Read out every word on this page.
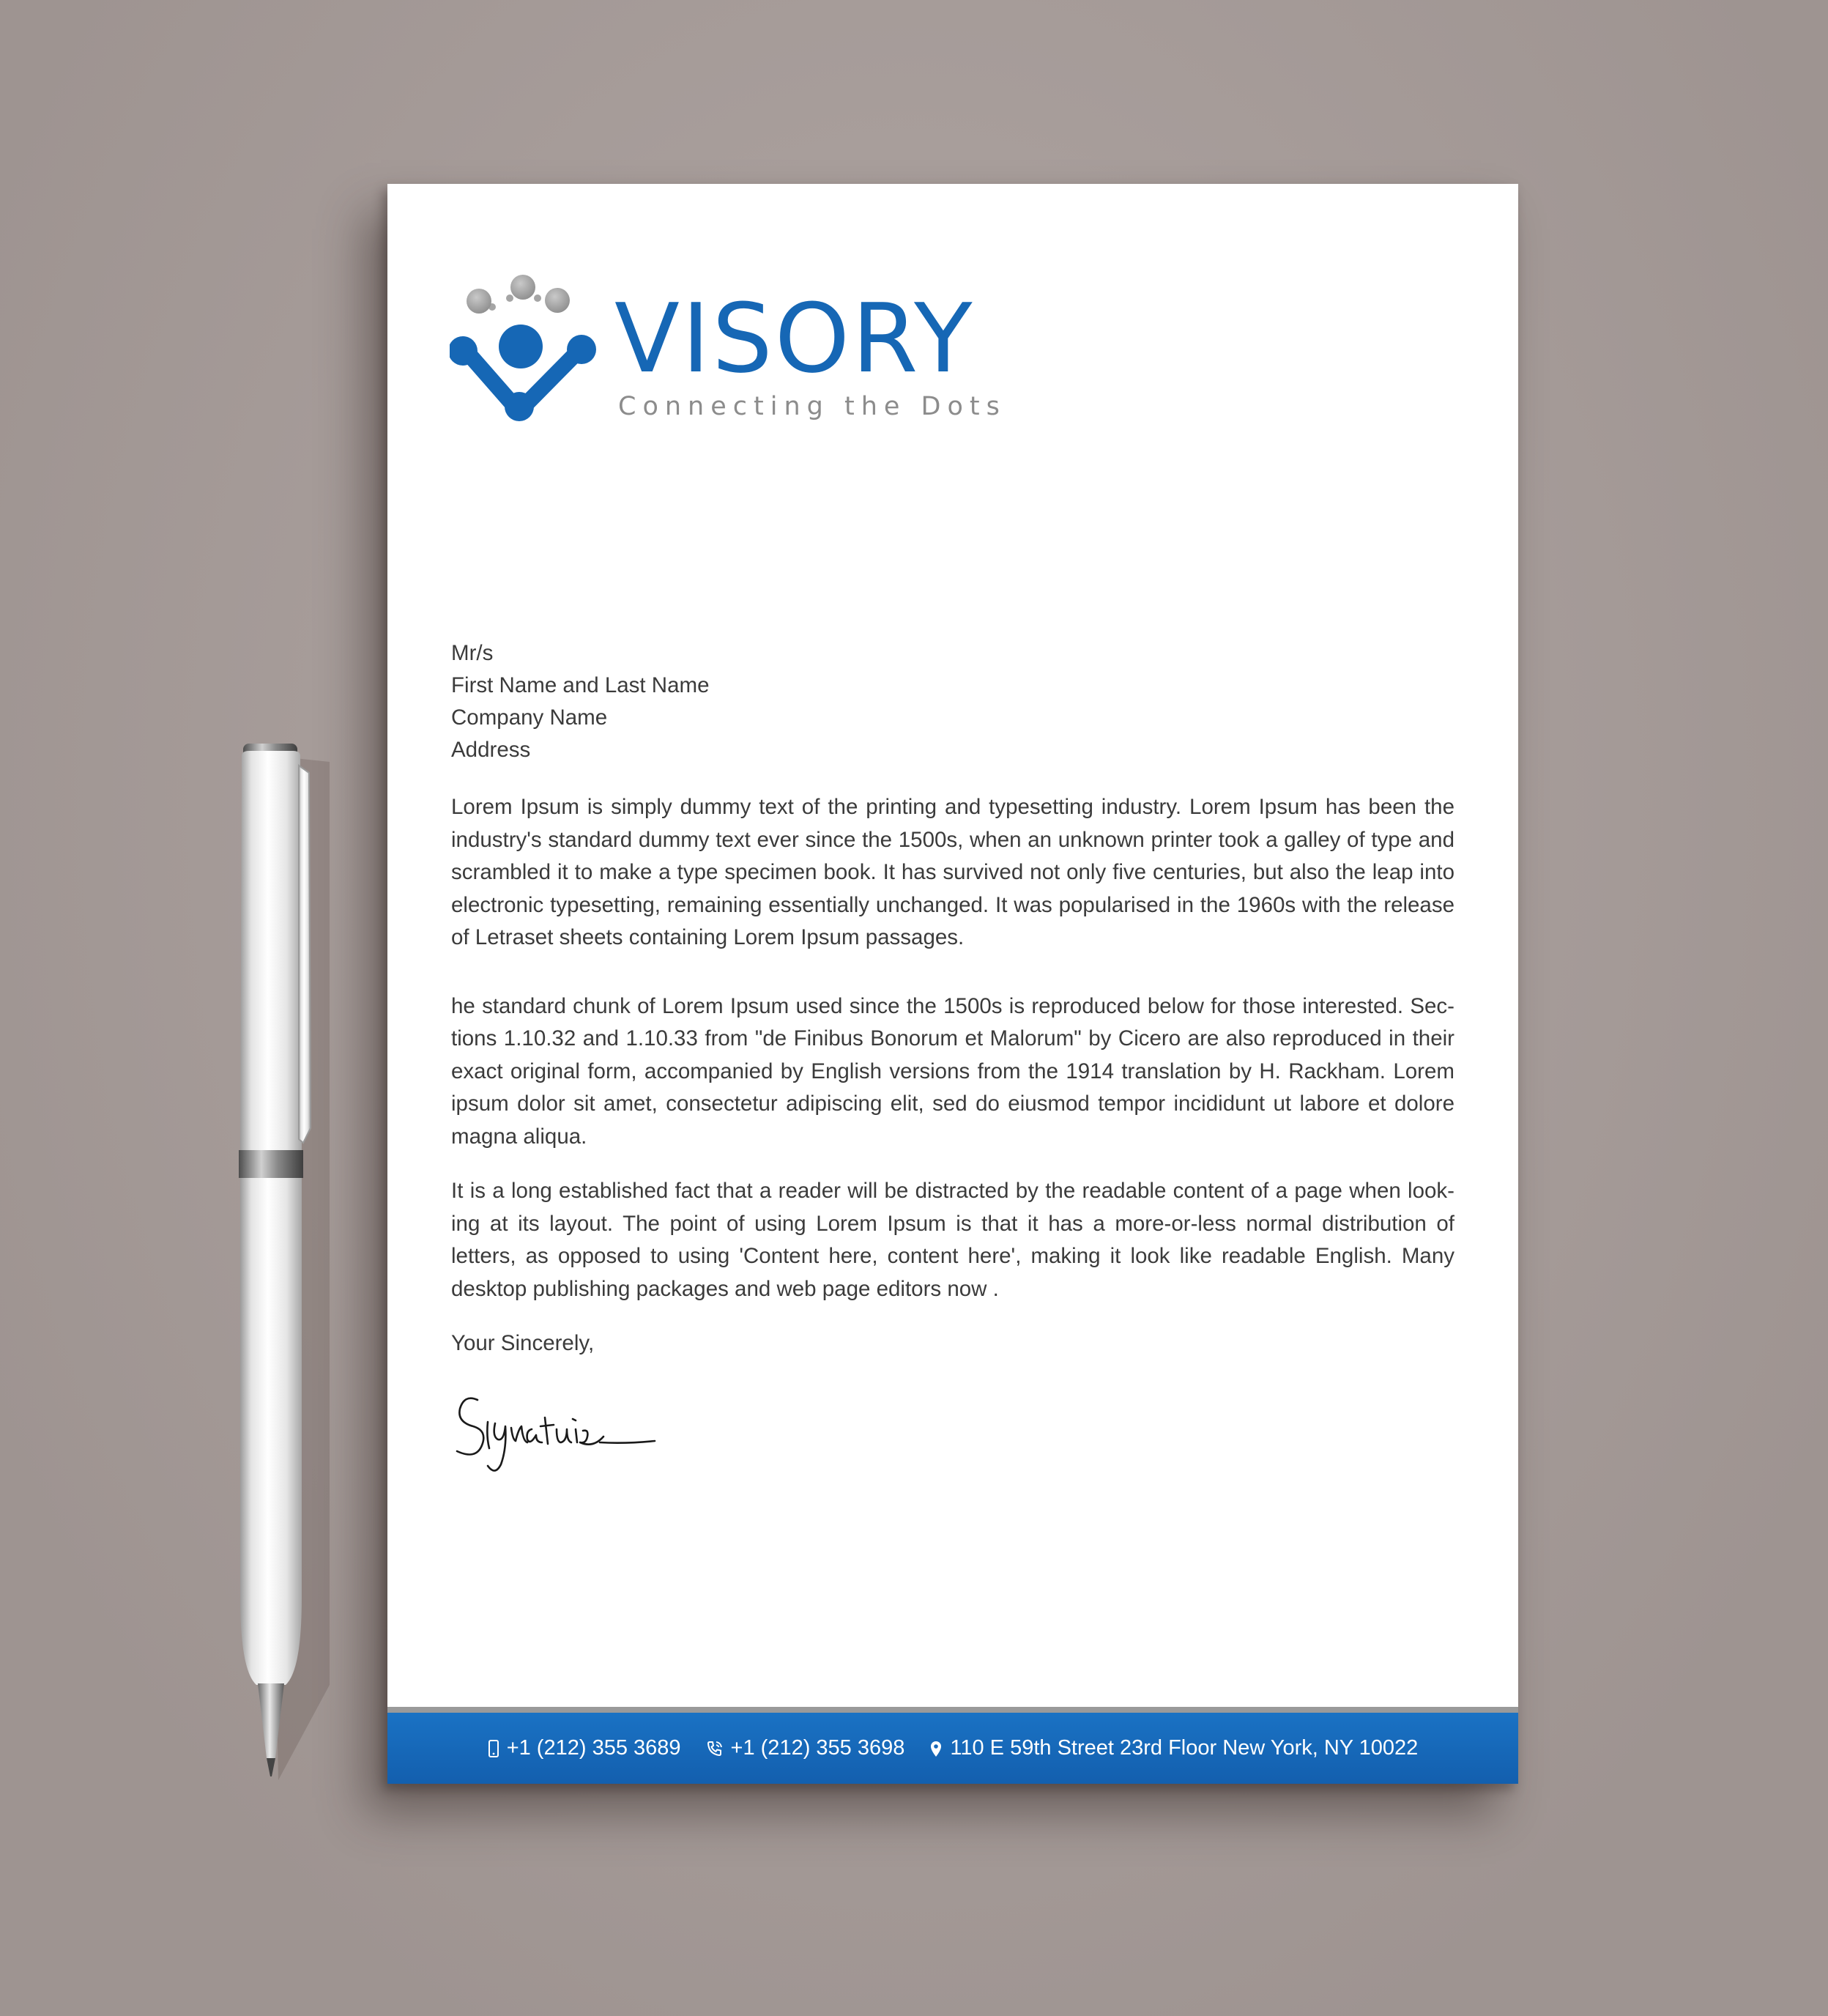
VISORY
Connecting the Dots
Mr/s
First Name and Last Name
Company Name
Address

Lorem Ipsum is simply dummy text of the printing and typesetting industry. Lorem Ipsum has been the industry's standard dummy text ever since the 1500s, when an unknown printer took a galley of type and scrambled it to make a type specimen book. It has survived not only five centuries, but also the leap into electronic typesetting, remaining essentially unchanged. It was popularised in the 1960s with the release of Letraset sheets containing Lorem Ipsum passages.

he standard chunk of Lorem Ipsum used since the 1500s is reproduced below for those interested. Sec-tions 1.10.32 and 1.10.33 from "de Finibus Bonorum et Malorum" by Cicero are also reproduced in their exact original form, accompanied by English versions from the 1914 translation by H. Rackham. Lorem ipsum dolor sit amet, consectetur adipiscing elit, sed do eiusmod tempor incididunt ut labore et dolore magna aliqua.

It is a long established fact that a reader will be distracted by the readable content of a page when look-ing at its layout. The point of using Lorem Ipsum is that it has a more-or-less normal distribution of letters, as opposed to using 'Content here, content here', making it look like readable English. Many desktop publishing packages and web page editors now .

Your Sincerely,
+1 (212) 355 3689 +1 (212) 355 3698 110 E 59th Street 23rd Floor New York, NY 10022
